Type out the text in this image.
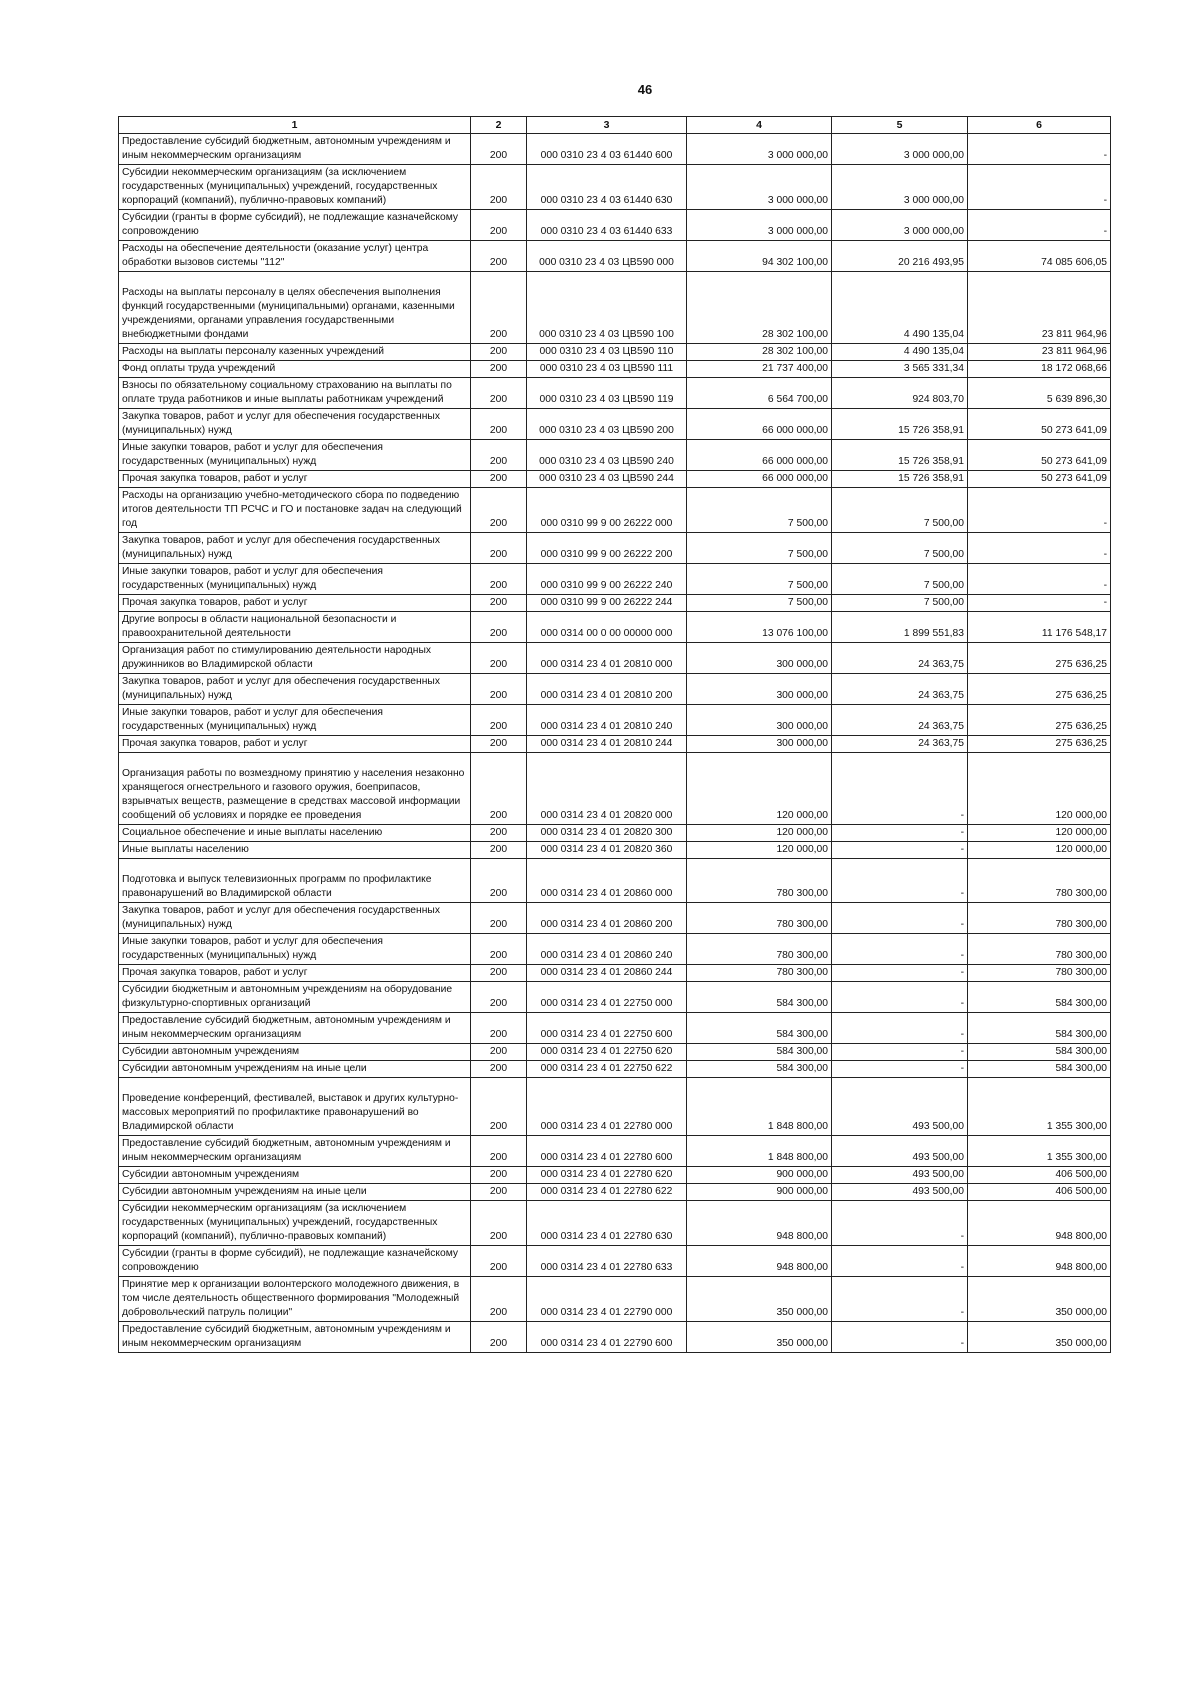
46
1	2	3	4	5	6
Предоставление субсидий бюджетным, автономным учреждениям и иным некоммерческим организациям	200	000 0310 23 4 03 61440 600	3 000 000,00	3 000 000,00	-
Субсидии некоммерческим организациям (за исключением государственных (муниципальных) учреждений, государственных корпораций (компаний), публично-правовых компаний)	200	000 0310 23 4 03 61440 630	3 000 000,00	3 000 000,00	-
Субсидии (гранты в форме субсидий), не подлежащие казначейскому сопровождению	200	000 0310 23 4 03 61440 633	3 000 000,00	3 000 000,00	-
Расходы на обеспечение деятельности (оказание услуг) центра обработки вызовов системы "112"	200	000 0310 23 4 03 ЦВ590 000	94 302 100,00	20 216 493,95	74 085 606,05
Расходы на выплаты персоналу в целях обеспечения выполнения функций государственными (муниципальными) органами, казенными учреждениями, органами управления государственными внебюджетными фондами	200	000 0310 23 4 03 ЦВ590 100	28 302 100,00	4 490 135,04	23 811 964,96
Расходы на выплаты персоналу казенных учреждений	200	000 0310 23 4 03 ЦВ590 110	28 302 100,00	4 490 135,04	23 811 964,96
Фонд оплаты труда учреждений	200	000 0310 23 4 03 ЦВ590 111	21 737 400,00	3 565 331,34	18 172 068,66
Взносы по обязательному социальному страхованию на выплаты по оплате труда работников и иные выплаты работникам учреждений	200	000 0310 23 4 03 ЦВ590 119	6 564 700,00	924 803,70	5 639 896,30
Закупка товаров, работ и услуг для обеспечения государственных (муниципальных) нужд	200	000 0310 23 4 03 ЦВ590 200	66 000 000,00	15 726 358,91	50 273 641,09
Иные закупки товаров, работ и услуг для обеспечения государственных (муниципальных) нужд	200	000 0310 23 4 03 ЦВ590 240	66 000 000,00	15 726 358,91	50 273 641,09
Прочая закупка товаров, работ и услуг	200	000 0310 23 4 03 ЦВ590 244	66 000 000,00	15 726 358,91	50 273 641,09
Расходы на организацию учебно-методического сбора по подведению итогов деятельности ТП РСЧС и ГО и постановке задач на следующий год	200	000 0310 99 9 00 26222 000	7 500,00	7 500,00	-
Закупка товаров, работ и услуг для обеспечения государственных (муниципальных) нужд	200	000 0310 99 9 00 26222 200	7 500,00	7 500,00	-
Иные закупки товаров, работ и услуг для обеспечения государственных (муниципальных) нужд	200	000 0310 99 9 00 26222 240	7 500,00	7 500,00	-
Прочая закупка товаров, работ и услуг	200	000 0310 99 9 00 26222 244	7 500,00	7 500,00	-
Другие вопросы в области национальной безопасности и правоохранительной деятельности	200	000 0314 00 0 00 00000 000	13 076 100,00	1 899 551,83	11 176 548,17
Организация работ по стимулированию деятельности народных дружинников во Владимирской области	200	000 0314 23 4 01 20810 000	300 000,00	24 363,75	275 636,25
Закупка товаров, работ и услуг для обеспечения государственных (муниципальных) нужд	200	000 0314 23 4 01 20810 200	300 000,00	24 363,75	275 636,25
Иные закупки товаров, работ и услуг для обеспечения государственных (муниципальных) нужд	200	000 0314 23 4 01 20810 240	300 000,00	24 363,75	275 636,25
Прочая закупка товаров, работ и услуг	200	000 0314 23 4 01 20810 244	300 000,00	24 363,75	275 636,25
Организация работы по возмездному принятию у населения незаконно хранящегося огнестрельного и газового оружия, боеприпасов, взрывчатых веществ, размещение в средствах массовой информации сообщений об условиях и порядке ее проведения	200	000 0314 23 4 01 20820 000	120 000,00	-	120 000,00
Социальное обеспечение и иные выплаты населению	200	000 0314 23 4 01 20820 300	120 000,00	-	120 000,00
Иные выплаты населению	200	000 0314 23 4 01 20820 360	120 000,00	-	120 000,00
Подготовка и выпуск телевизионных программ по профилактике правонарушений во Владимирской области	200	000 0314 23 4 01 20860 000	780 300,00	-	780 300,00
Закупка товаров, работ и услуг для обеспечения государственных (муниципальных) нужд	200	000 0314 23 4 01 20860 200	780 300,00	-	780 300,00
Иные закупки товаров, работ и услуг для обеспечения государственных (муниципальных) нужд	200	000 0314 23 4 01 20860 240	780 300,00	-	780 300,00
Прочая закупка товаров, работ и услуг	200	000 0314 23 4 01 20860 244	780 300,00	-	780 300,00
Субсидии бюджетным и автономным учреждениям на оборудование физкультурно-спортивных организаций	200	000 0314 23 4 01 22750 000	584 300,00	-	584 300,00
Предоставление субсидий бюджетным, автономным учреждениям и иным некоммерческим организациям	200	000 0314 23 4 01 22750 600	584 300,00	-	584 300,00
Субсидии автономным учреждениям	200	000 0314 23 4 01 22750 620	584 300,00	-	584 300,00
Субсидии автономным учреждениям на иные цели	200	000 0314 23 4 01 22750 622	584 300,00	-	584 300,00
Проведение конференций, фестивалей, выставок и других культурно-массовых мероприятий по профилактике правонарушений во Владимирской области	200	000 0314 23 4 01 22780 000	1 848 800,00	493 500,00	1 355 300,00
Предоставление субсидий бюджетным, автономным учреждениям и иным некоммерческим организациям	200	000 0314 23 4 01 22780 600	1 848 800,00	493 500,00	1 355 300,00
Субсидии автономным учреждениям	200	000 0314 23 4 01 22780 620	900 000,00	493 500,00	406 500,00
Субсидии автономным учреждениям на иные цели	200	000 0314 23 4 01 22780 622	900 000,00	493 500,00	406 500,00
Субсидии некоммерческим организациям (за исключением государственных (муниципальных) учреждений, государственных корпораций (компаний), публично-правовых компаний)	200	000 0314 23 4 01 22780 630	948 800,00	-	948 800,00
Субсидии (гранты в форме субсидий), не подлежащие казначейскому сопровождению	200	000 0314 23 4 01 22780 633	948 800,00	-	948 800,00
Принятие мер к организации волонтерского молодежного движения, в том числе деятельность общественного формирования "Молодежный добровольческий патруль полиции"	200	000 0314 23 4 01 22790 000	350 000,00	-	350 000,00
Предоставление субсидий бюджетным, автономным учреждениям и иным некоммерческим организациям	200	000 0314 23 4 01 22790 600	350 000,00	-	350 000,00
